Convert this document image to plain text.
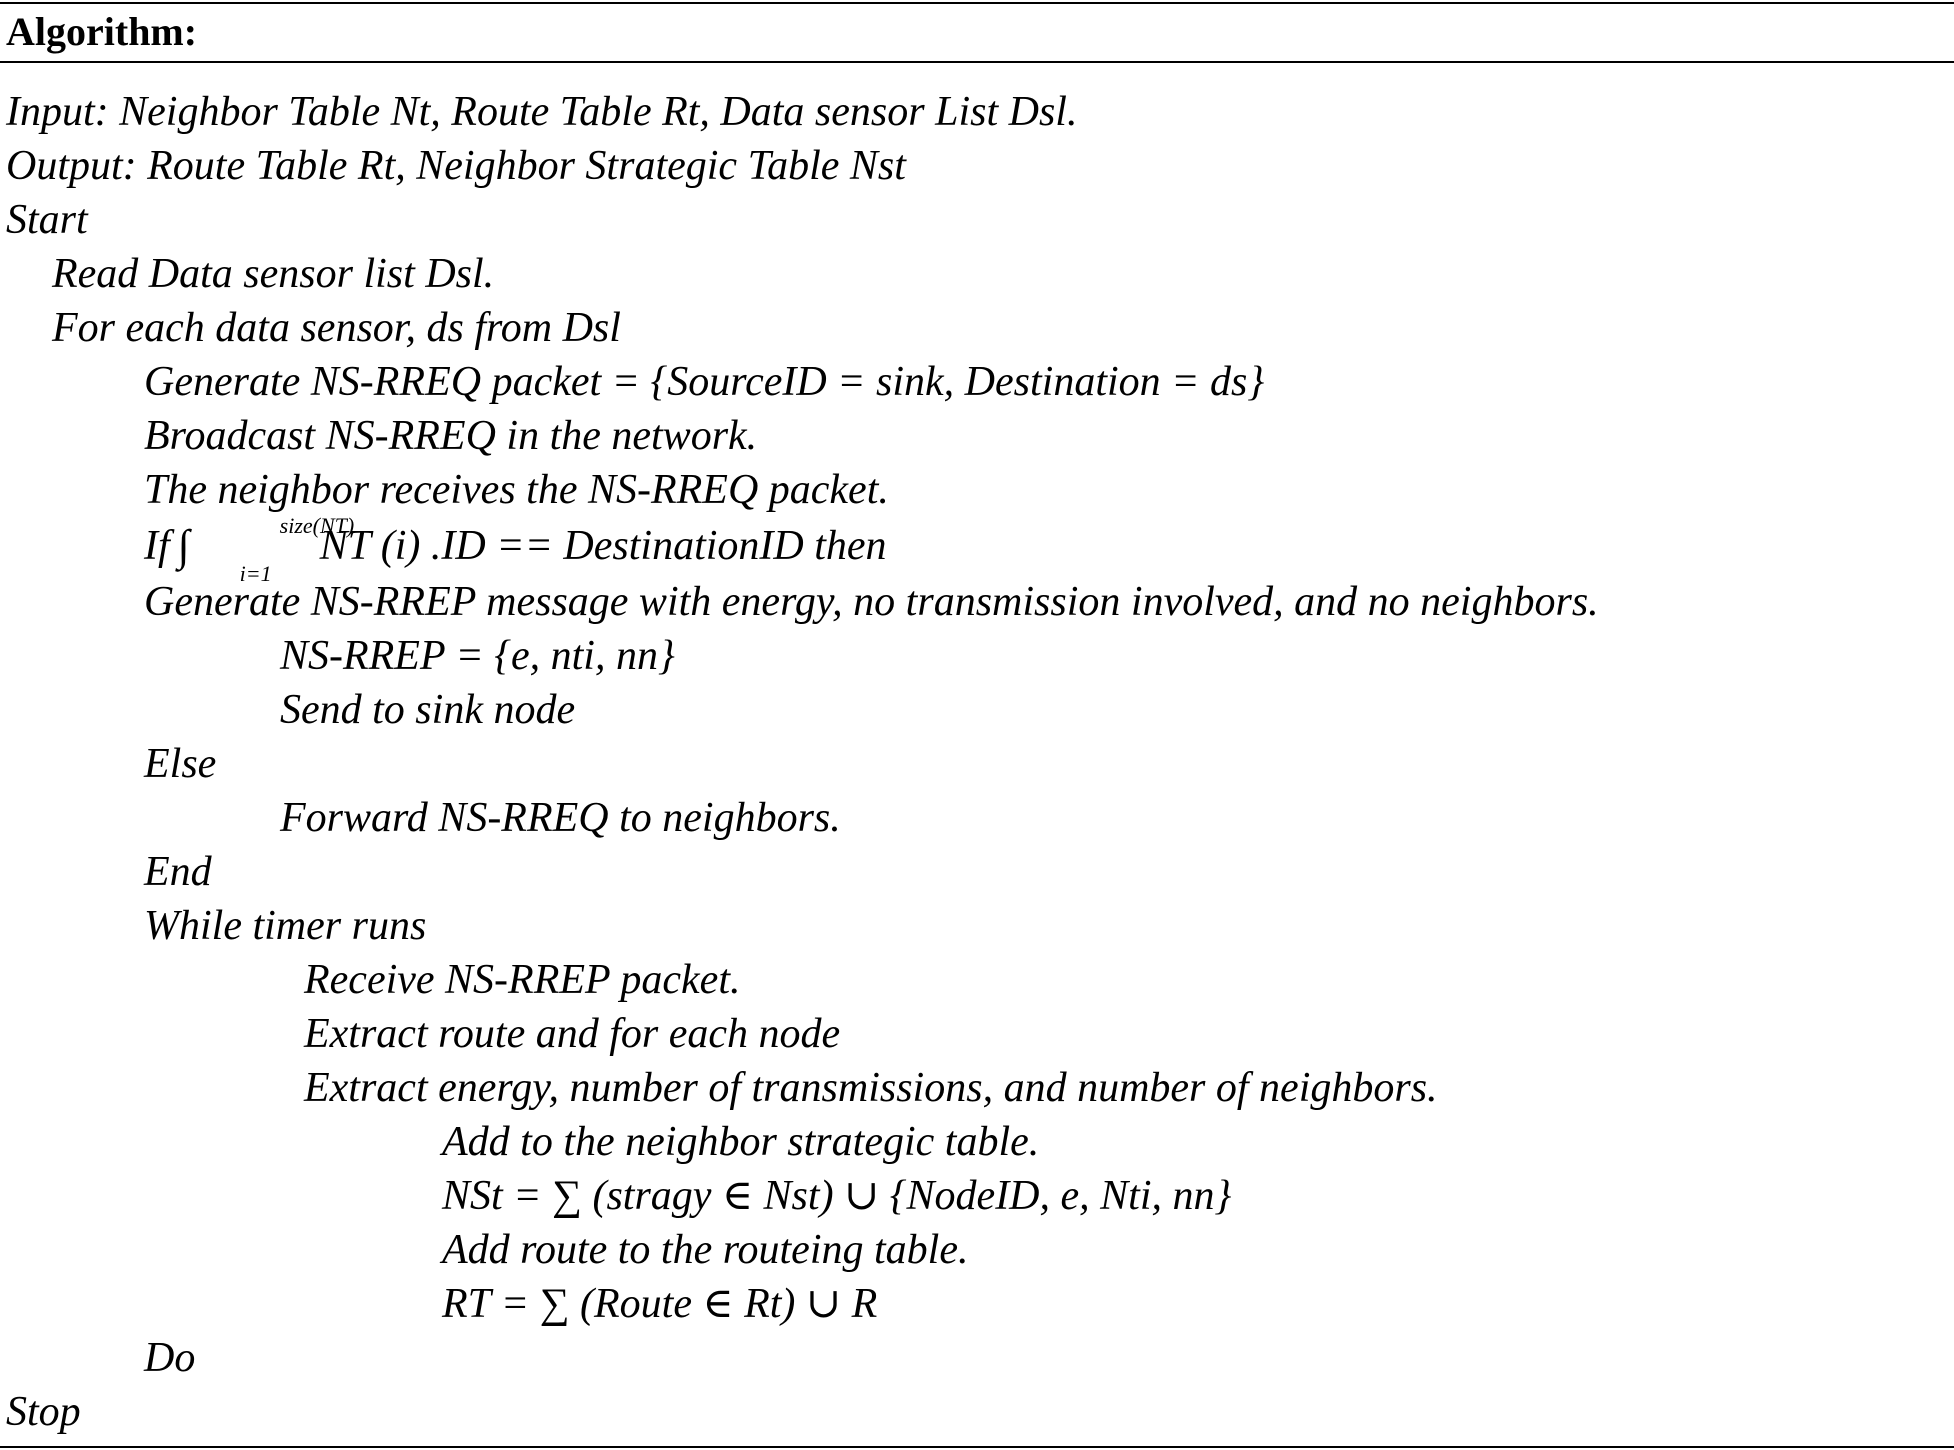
Algorithm:
Input: Neighbor Table Nt, Route Table Rt, Data sensor List Dsl.
Output: Route Table Rt, Neighbor Strategic Table Nst
Start
Read Data sensor list Dsl.
For each data sensor, ds from Dsl
Generate NS-RREQ packet = {SourceID = sink, Destination = ds}
Broadcast NS-RREQ in the network.
The neighbor receives the NS-RREQ packet.
If ∫	size(NT)
i=1
NT (i) .ID == DestinationID then
Generate NS-RREP message with energy, no transmission involved, and no neighbors.
NS-RREP = {e, nti, nn}
Send to sink node
Else
Forward NS-RREQ to neighbors.
End
While timer runs
Receive NS-RREP packet.
Extract route and for each node
Extract energy, number of transmissions, and number of neighbors.
Add to the neighbor strategic table.
NSt = ∑ (stragy ∈ Nst) ∪ {NodeID, e, Nti, nn}
Add route to the routeing table.
RT = ∑ (Route ∈ Rt) ∪ R
Do
Stop
